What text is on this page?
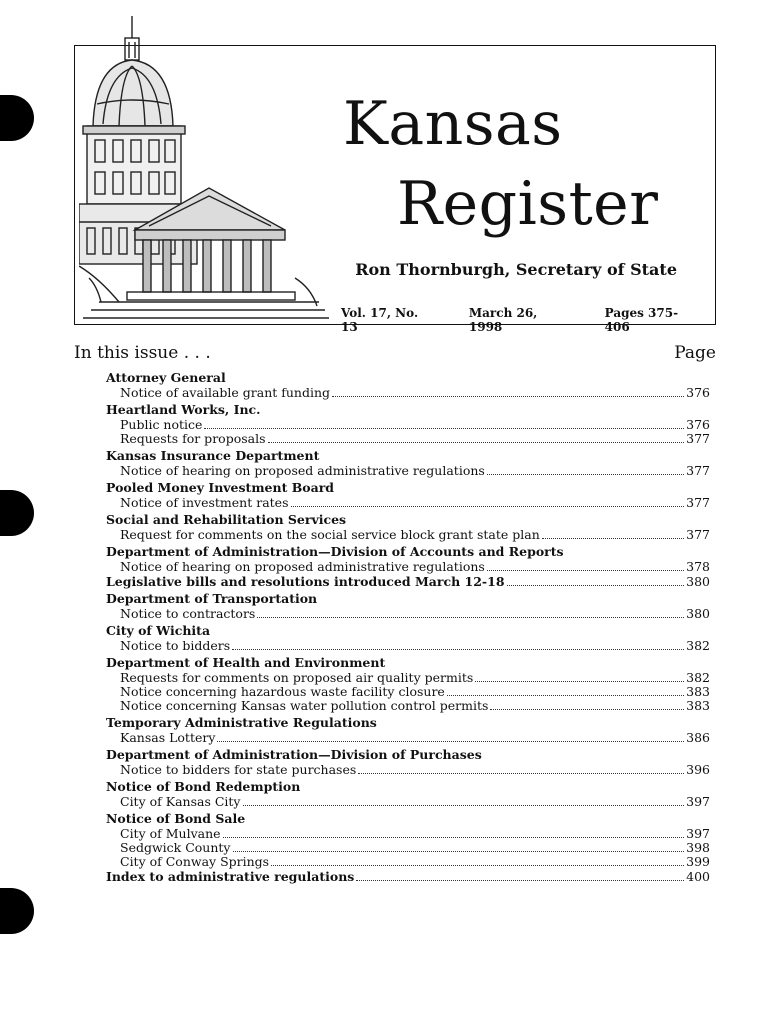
Kansas
Register
Ron Thornburgh, Secretary of State
Vol. 17, No. 13
March 26, 1998
Pages 375-406
In this issue . . .	Page
Attorney General
Notice of available grant funding	376
Heartland Works, Inc.
Public notice	376
Requests for proposals	377
Kansas Insurance Department
Notice of hearing on proposed administrative regulations	377
Pooled Money Investment Board
Notice of investment rates	377
Social and Rehabilitation Services
Request for comments on the social service block grant state plan	377
Department of Administration—Division of Accounts and Reports
Notice of hearing on proposed administrative regulations	378
Legislative bills and resolutions introduced March 12-18	380
Department of Transportation
Notice to contractors	380
City of Wichita
Notice to bidders	382
Department of Health and Environment
Requests for comments on proposed air quality permits	382
Notice concerning hazardous waste facility closure	383
Notice concerning Kansas water pollution control permits	383
Temporary Administrative Regulations
Kansas Lottery	386
Department of Administration—Division of Purchases
Notice to bidders for state purchases	396
Notice of Bond Redemption
City of Kansas City	397
Notice of Bond Sale
City of Mulvane	397
Sedgwick County	398
City of Conway Springs	399
Index to administrative regulations	400
